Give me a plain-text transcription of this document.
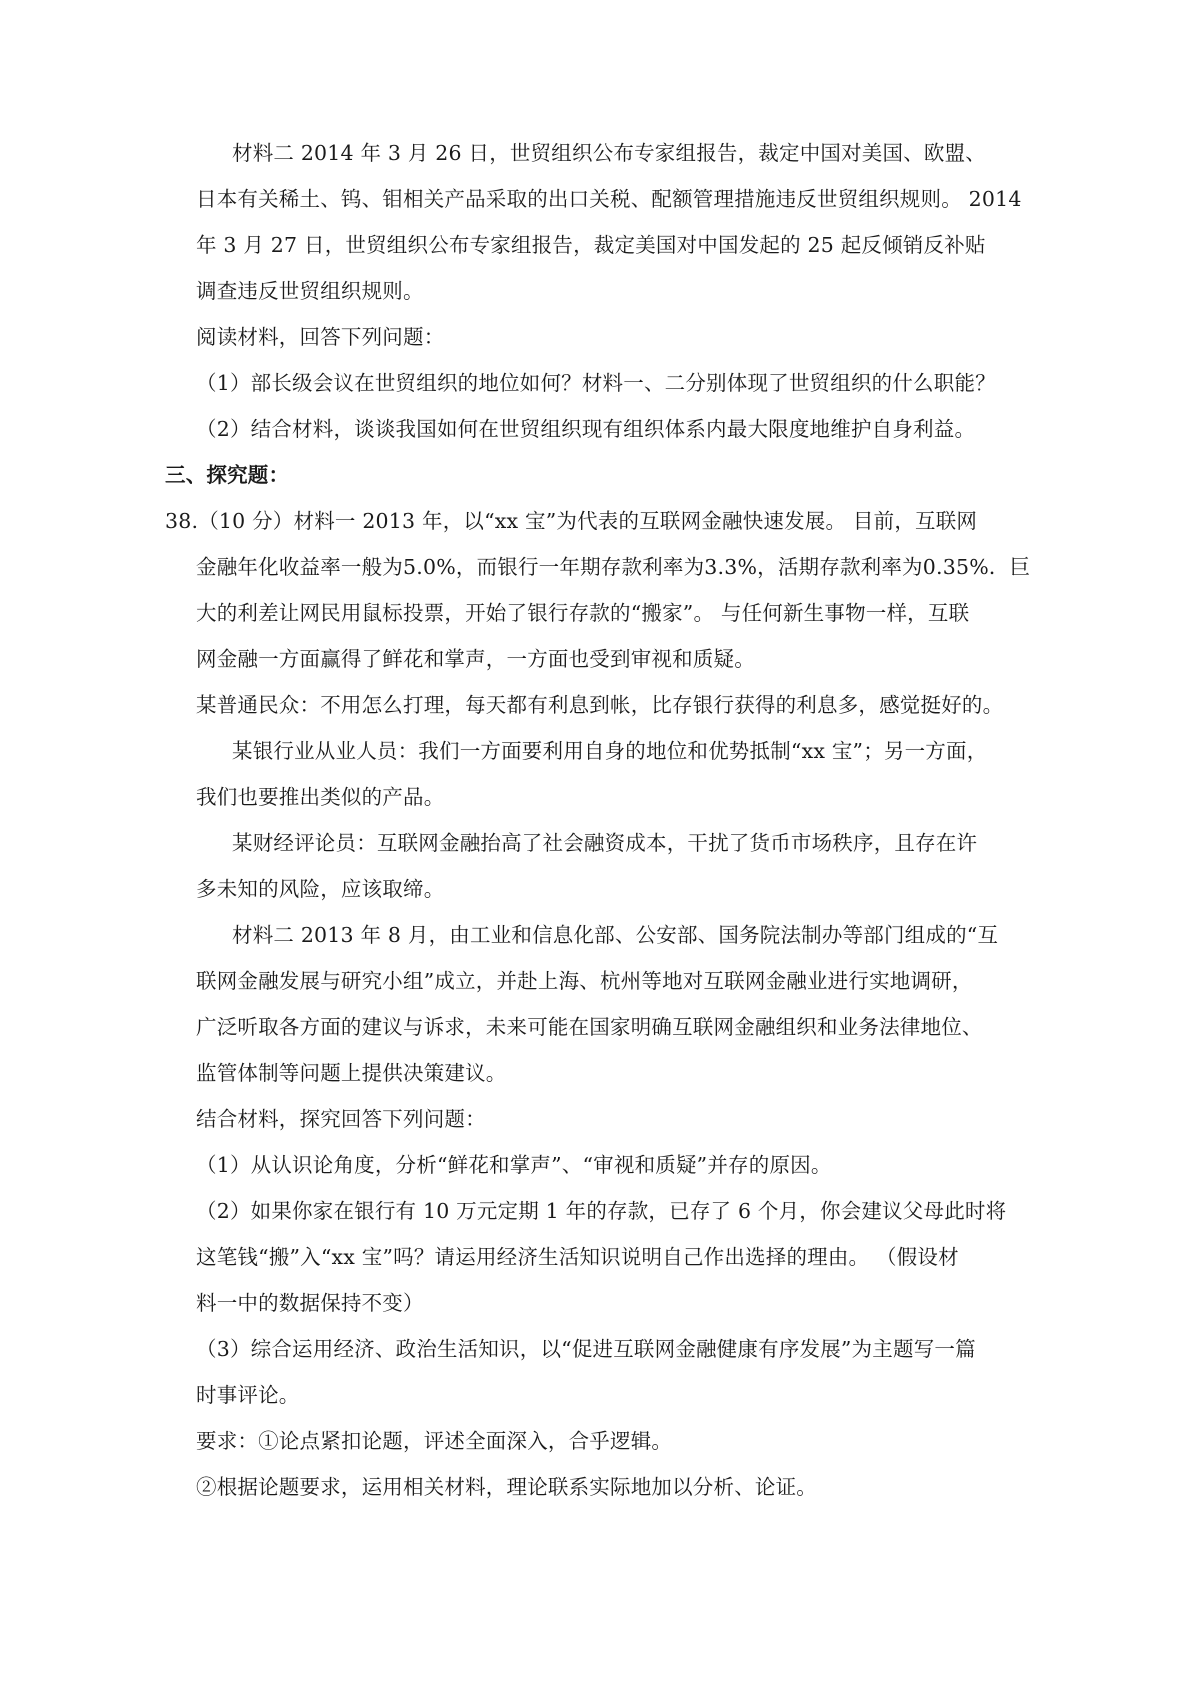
材料二 2014 年 3 月 26 日，世贸组织公布专家组报告，裁定中国对美国、欧盟、

日本有关稀土、钨、钼相关产品采取的出口关税、配额管理措施违反世贸组织规则。 2014

年 3 月 27 日，世贸组织公布专家组报告，裁定美国对中国发起的 25 起反倾销反补贴

调查违反世贸组织规则。

阅读材料，回答下列问题：

（1）部长级会议在世贸组织的地位如何？材料一、二分别体现了世贸组织的什么职能？

（2）结合材料，谈谈我国如何在世贸组织现有组织体系内最大限度地维护自身利益。

三、探究题：

38.（10 分）材料一 2013 年，以“xx 宝”为代表的互联网金融快速发展。 目前，互联网

金融年化收益率一般为5.0%，而银行一年期存款利率为3.3%，活期存款利率为0.35%．巨

大的利差让网民用鼠标投票，开始了银行存款的“搬家”。 与任何新生事物一样，互联

网金融一方面赢得了鲜花和掌声，一方面也受到审视和质疑。

某普通民众：不用怎么打理，每天都有利息到帐，比存银行获得的利息多，感觉挺好的。

某银行业从业人员：我们一方面要利用自身的地位和优势抵制“xx 宝”；另一方面，

我们也要推出类似的产品。

某财经评论员：互联网金融抬高了社会融资成本，干扰了货币市场秩序，且存在许

多未知的风险，应该取缔。

材料二 2013 年 8 月，由工业和信息化部、公安部、国务院法制办等部门组成的“互

联网金融发展与研究小组”成立，并赴上海、杭州等地对互联网金融业进行实地调研，

广泛听取各方面的建议与诉求，未来可能在国家明确互联网金融组织和业务法律地位、

监管体制等问题上提供决策建议。

结合材料，探究回答下列问题：

（1）从认识论角度，分析“鲜花和掌声”、“审视和质疑”并存的原因。

（2）如果你家在银行有 10 万元定期 1 年的存款，已存了 6 个月，你会建议父母此时将

这笔钱“搬”入“xx 宝”吗？请运用经济生活知识说明自己作出选择的理由。 （假设材

料一中的数据保持不变）

（3）综合运用经济、政治生活知识，以“促进互联网金融健康有序发展”为主题写一篇

时事评论。

要求：①论点紧扣论题，评述全面深入，合乎逻辑。

②根据论题要求，运用相关材料，理论联系实际地加以分析、论证。
